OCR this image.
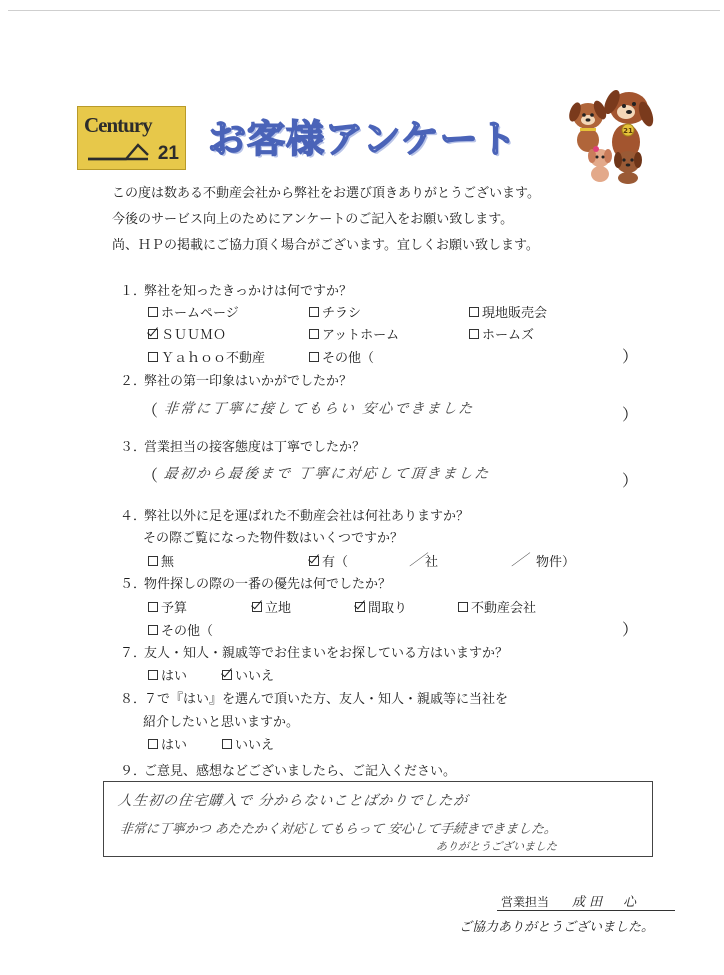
Century
21 お客様アンケート	21
この度は数ある不動産会社から弊社をお選び頂きありがとうございます。
今後のサービス向上のためにアンケートのご記入をお願い致します。
尚、ＨＰの掲載にご協力頂く場合がございます。宜しくお願い致します。
１．弊社を知ったきっかけは何ですか？
ホームページ	チラシ	現地販売会
ＳＵＵＭＯ	アットホーム	ホームズ
Ｙａｈｏｏ不動産	その他（	）
２．弊社の第一印象はいかがでしたか？
（ 非常に丁寧に接してもらい 安心できました	）
３．営業担当の接客態度は丁寧でしたか？
（ 最初から最後まで 丁寧に対応して頂きました	）
４．弊社以外に足を運ばれた不動産会社は何社ありますか？
その際ご覧になった物件数はいくつですか？
無	有（	／
社	／ 物件）
５．物件探しの際の一番の優先は何でしたか？
予算	立地	間取り	不動産会社
その他（	）
７．友人・知人・親戚等でお住まいをお探している方はいますか？
はい	いいえ
８．７で『はい』を選んで頂いた方、友人・知人・親戚等に当社を
紹介したいと思いますか。
はい	いいえ
９．ご意見、感想などございましたら、ご記入ください。
人生初の住宅購入で 分からないことばかりでしたが
非常に丁寧かつ あたたかく対応してもらって 安心して手続きできました。
ありがとうございました
営業担当 成田　心
ご協力ありがとうございました。
